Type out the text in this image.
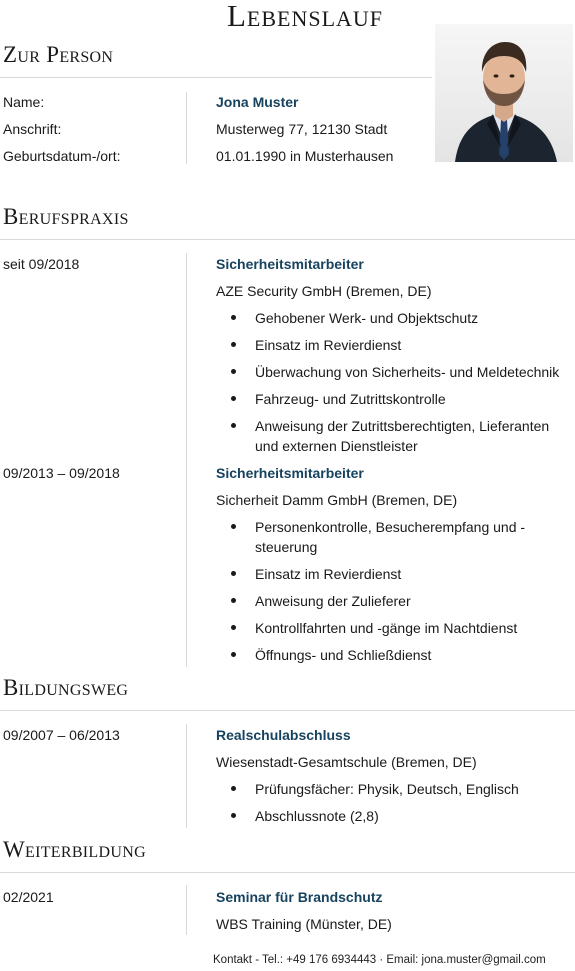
Lebenslauf
Zur Person
Name:	Jona Muster
Anschrift:	Musterweg 77, 12130 Stadt
Geburtsdatum-/ort:	01.01.1990 in Musterhausen
Berufspraxis
seit 09/2018	Sicherheitsmitarbeiter
AZE Security GmbH (Bremen, DE)
Gehobener Werk- und Objektschutz
Einsatz im Revierdienst
Überwachung von Sicherheits- und Meldetechnik
Fahrzeug- und Zutrittskontrolle
Anweisung der Zutrittsberechtigten, Lieferanten und externen Dienstleister
09/2013 – 09/2018	Sicherheitsmitarbeiter
Sicherheit Damm GmbH (Bremen, DE)
Personenkontrolle, Besucherempfang und -steuerung
Einsatz im Revierdienst
Anweisung der Zulieferer
Kontrollfahrten und -gänge im Nachtdienst
Öffnungs- und Schließdienst
Bildungsweg
09/2007 – 06/2013	Realschulabschluss
Wiesenstadt-Gesamtschule (Bremen, DE)
Prüfungsfächer: Physik, Deutsch, Englisch
Abschlussnote (2,8)
Weiterbildung
02/2021	Seminar für Brandschutz
WBS Training (Münster, DE)
Kontakt - Tel.: +49 176 6934443 · Email: jona.muster@gmail.com
